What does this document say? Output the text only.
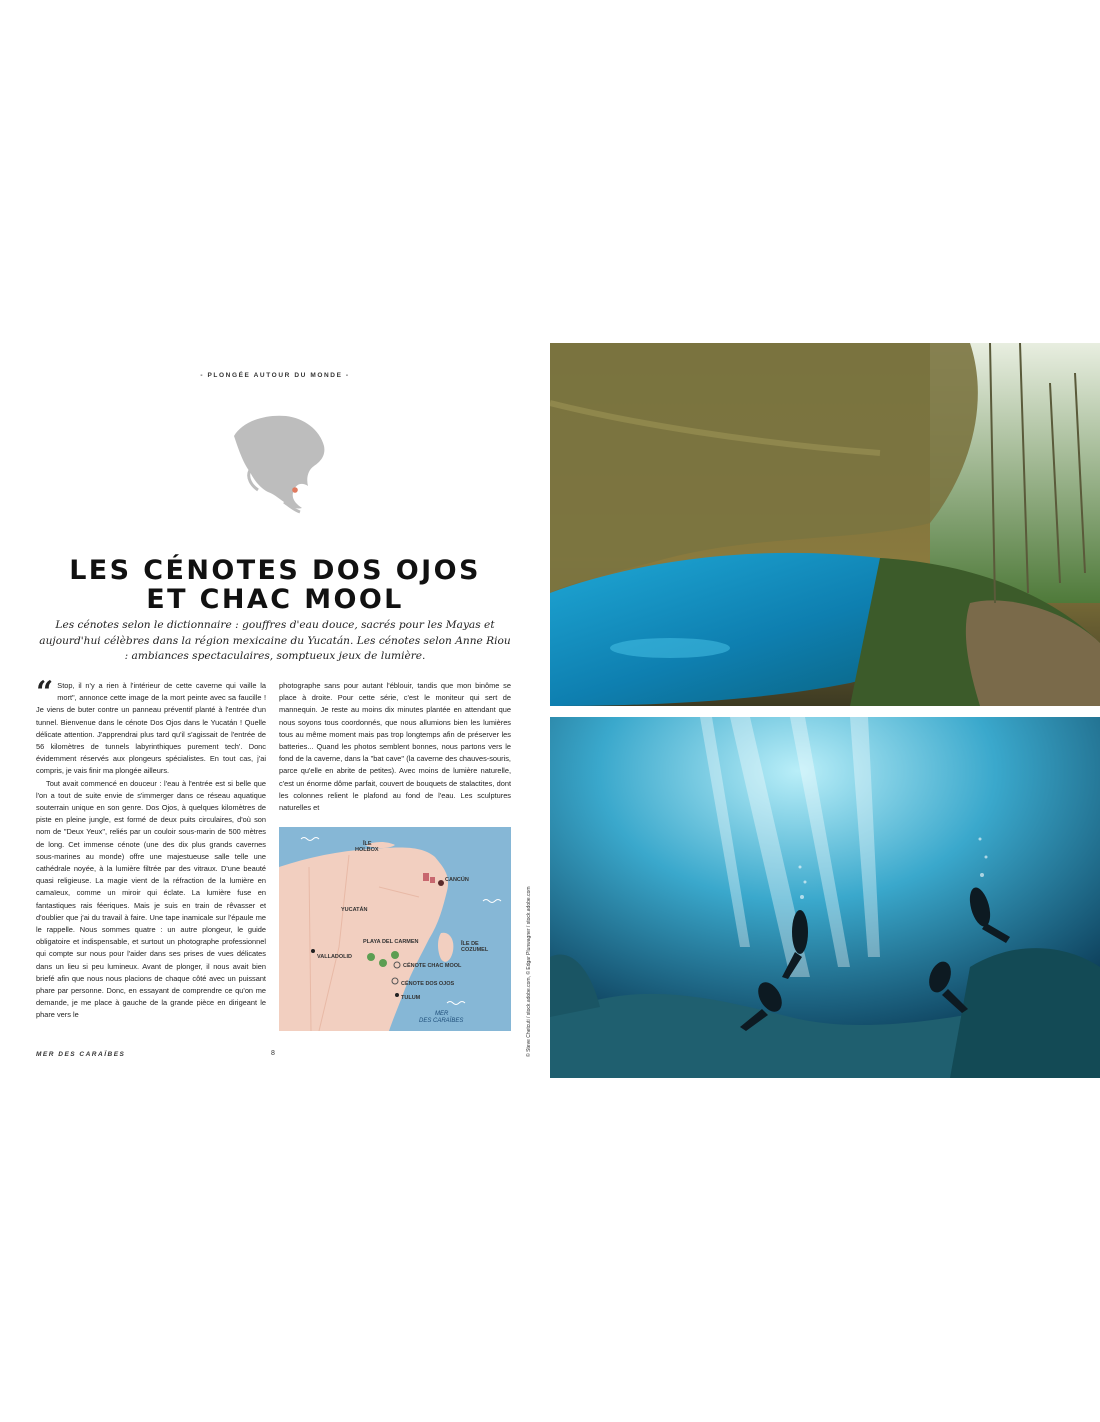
- PLONGÉE AUTOUR DU MONDE -
LES CÉNOTES DOS OJOS
ET CHAC MOOL
Les cénotes selon le dictionnaire : gouffres d'eau douce, sacrés pour les Mayas et aujourd'hui célèbres dans la région mexicaine du Yucatán. Les cénotes selon Anne Riou : ambiances spectaculaires, somptueux jeux de lumière.

“ Stop, il n'y a rien à l'intérieur de cette caverne qui vaille la mort", annonce cette image de la mort peinte avec sa faucille ! Je viens de buter contre un panneau préventif planté à l'entrée d'un tunnel. Bienvenue dans le cénote Dos Ojos dans le Yucatán ! Quelle délicate attention. J'apprendrai plus tard qu'il s'agissait de l'entrée de 56 kilomètres de tunnels labyrinthiques purement tech'. Donc évidemment réservés aux plongeurs spécialistes. En tout cas, j'ai compris, je vais finir ma plongée ailleurs.

Tout avait commencé en douceur : l'eau à l'entrée est si belle que l'on a tout de suite envie de s'immerger dans ce réseau aquatique souterrain unique en son genre. Dos Ojos, à quelques kilomètres de piste en pleine jungle, est formé de deux puits circulaires, d'où son nom de "Deux Yeux", reliés par un couloir sous-marin de 500 mètres de long. Cet immense cénote (une des dix plus grands cavernes sous-marines au monde) offre une majestueuse salle telle une cathédrale noyée, à la lumière filtrée par des vitraux. D'une beauté quasi religieuse. La magie vient de la réfraction de la lumière en camaïeux, comme un miroir qui éclate. La lumière fuse en fantastiques rais féeriques. Mais je suis en train de rêvasser et d'oublier que j'ai du travail à faire. Une tape inamicale sur l'épaule me le rappelle. Nous sommes quatre : un autre plongeur, le guide obligatoire et indispensable, et surtout un photographe professionnel qui compte sur nous pour l'aider dans ses prises de vues délicates dans un lieu si peu lumineux. Avant de plonger, il nous avait bien briefé afin que nous nous placions de chaque côté avec un puissant phare par personne. Donc, en essayant de comprendre ce qu'on me demande, je me place à gauche de la grande pièce en dirigeant le phare vers le

photographe sans pour autant l'éblouir, tandis que mon binôme se place à droite. Pour cette série, c'est le moniteur qui sert de mannequin. Je reste au moins dix minutes plantée en attendant que nous soyons tous coordonnés, que nous allumions bien les lumières tous au même moment mais pas trop longtemps afin de préserver les batteries... Quand les photos semblent bonnes, nous partons vers le fond de la caverne, dans la "bat cave" (la caverne des chauves-souris, parce qu'elle en abrite de petites). Avec moins de lumière naturelle, c'est un énorme dôme parfait, couvert de bouquets de stalactites, dont les colonnes relient le plafond au fond de l'eau. Les sculptures naturelles et

ÎLE HOLBOX
CANCÚN
YUCATÁN
PLAYA DEL CARMEN	ÎLE DE COZUMEL
VALLADOLID
CÉNOTE CHAC MOOL
CÉNOTE DOS OJOS
TULUM
MER DES CARAÏBES
MER DES CARAÏBES	8	© Steve Chetcuti / stock.adobe.com, © Edgar Plunwagner / stock.adobe.com
